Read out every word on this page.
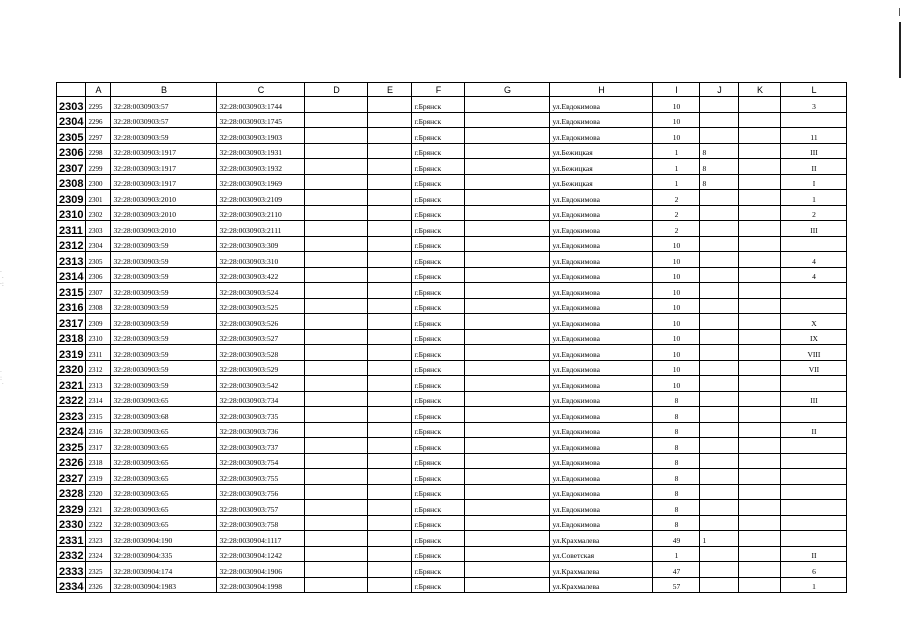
·
·
·:
·
:
·
	A	B	C	D	E	F	G	H	I	J	K	L
2303	2295	32:28:0030903:57	32:28:0030903:1744			г.Брянск		ул.Евдокимова	10			3
2304	2296	32:28:0030903:57	32:28:0030903:1745			г.Брянск		ул.Евдокимова	10			
2305	2297	32:28:0030903:59	32:28:0030903:1903			г.Брянск		ул.Евдокимова	10			11
2306	2298	32:28:0030903:1917	32:28:0030903:1931			г.Брянск		ул.Бежицкая	1	8		III
2307	2299	32:28:0030903:1917	32:28:0030903:1932			г.Брянск		ул.Бежицкая	1	8		II
2308	2300	32:28:0030903:1917	32:28:0030903:1969			г.Брянск		ул.Бежицкая	1	8		I
2309	2301	32:28:0030903:2010	32:28:0030903:2109			г.Брянск		ул.Евдокимова	2			1
2310	2302	32:28:0030903:2010	32:28:0030903:2110			г.Брянск		ул.Евдокимова	2			2
2311	2303	32:28:0030903:2010	32:28:0030903:2111			г.Брянск		ул.Евдокимова	2			III
2312	2304	32:28:0030903:59	32:28:0030903:309			г.Брянск		ул.Евдокимова	10			
2313	2305	32:28:0030903:59	32:28:0030903:310			г.Брянск		ул.Евдокимова	10			4
2314	2306	32:28:0030903:59	32:28:0030903:422			г.Брянск		ул.Евдокимова	10			4
2315	2307	32:28:0030903:59	32:28:0030903:524			г.Брянск		ул.Евдокимова	10			
2316	2308	32:28:0030903:59	32:28:0030903:525			г.Брянск		ул.Евдокимова	10			
2317	2309	32:28:0030903:59	32:28:0030903:526			г.Брянск		ул.Евдокимова	10			X
2318	2310	32:28:0030903:59	32:28:0030903:527			г.Брянск		ул.Евдокимова	10			IX
2319	2311	32:28:0030903:59	32:28:0030903:528			г.Брянск		ул.Евдокимова	10			VIII
2320	2312	32:28:0030903:59	32:28:0030903:529			г.Брянск		ул.Евдокимова	10			VII
2321	2313	32:28:0030903:59	32:28:0030903:542			г.Брянск		ул.Евдокимова	10			
2322	2314	32:28:0030903:65	32:28:0030903:734			г.Брянск		ул.Евдокимова	8			III
2323	2315	32:28:0030903:68	32:28:0030903:735			г.Брянск		ул.Евдокимова	8			
2324	2316	32:28:0030903:65	32:28:0030903:736			г.Брянск		ул.Евдокимова	8			II
2325	2317	32:28:0030903:65	32:28:0030903:737			г.Брянск		ул.Евдокимова	8			
2326	2318	32:28:0030903:65	32:28:0030903:754			г.Брянск		ул.Евдокимова	8			
2327	2319	32:28:0030903:65	32:28:0030903:755			г.Брянск		ул.Евдокимова	8			
2328	2320	32:28:0030903:65	32:28:0030903:756			г.Брянск		ул.Евдокимова	8			
2329	2321	32:28:0030903:65	32:28:0030903:757			г.Брянск		ул.Евдокимова	8			
2330	2322	32:28:0030903:65	32:28:0030903:758			г.Брянск		ул.Евдокимова	8			
2331	2323	32:28:0030904:190	32:28:0030904:1117			г.Брянск		ул.Крахмалева	49	1		
2332	2324	32:28:0030904:335	32:28:0030904:1242			г.Брянск		ул.Советская	1			II
2333	2325	32:28:0030904:174	32:28:0030904:1906			г.Брянск		ул.Крахмалева	47			6
2334	2326	32:28:0030904:1983	32:28:0030904:1998			г.Брянск		ул.Крахмалева	57			1
